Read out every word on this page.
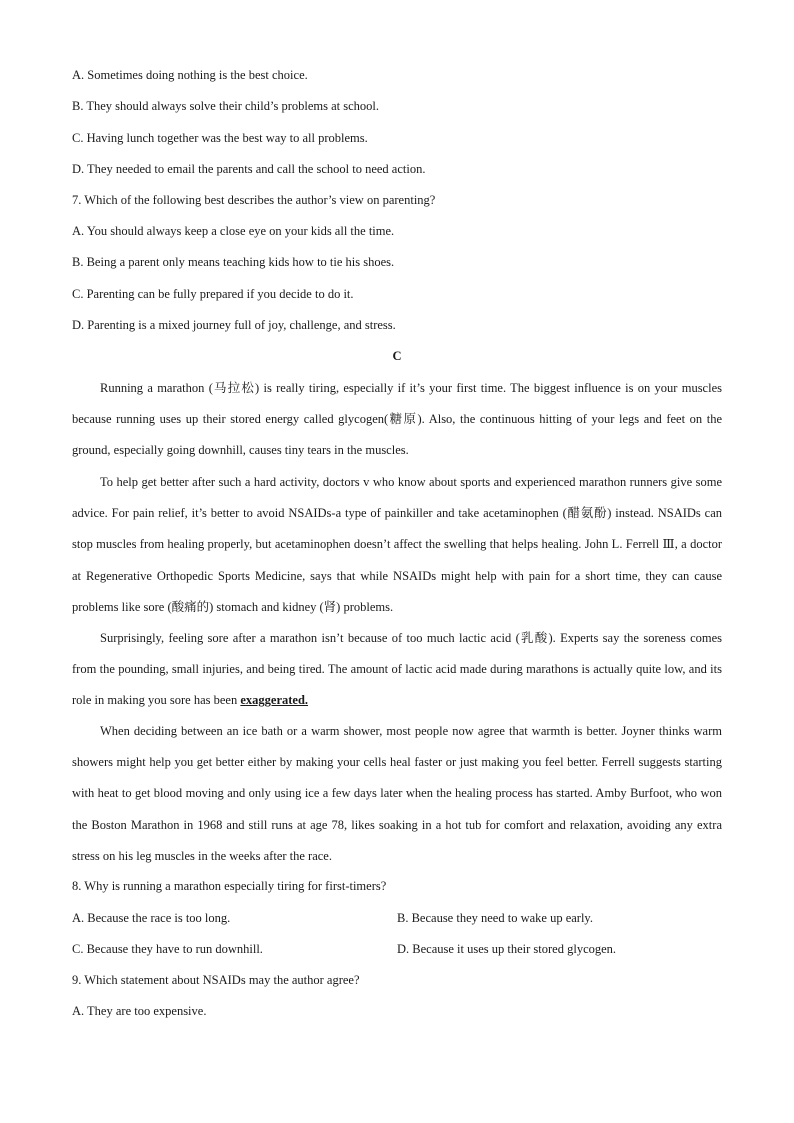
A. Sometimes doing nothing is the best choice.
B. They should always solve their child’s problems at school.
C. Having lunch together was the best way to all problems.
D. They needed to email the parents and call the school to need action.
7. Which of the following best describes the author’s view on parenting?
A. You should always keep a close eye on your kids all the time.
B. Being a parent only means teaching kids how to tie his shoes.
C. Parenting can be fully prepared if you decide to do it.
D. Parenting is a mixed journey full of joy, challenge, and stress.
C
Running a marathon (马拉松) is really tiring, especially if it’s your first time. The biggest influence is on your muscles because running uses up their stored energy called glycogen(糖原). Also, the continuous hitting of your legs and feet on the ground, especially going downhill, causes tiny tears in the muscles.
To help get better after such a hard activity, doctors v who know about sports and experienced marathon runners give some advice. For pain relief, it’s better to avoid NSAIDs-a type of painkiller and take acetaminophen (醋氨酚) instead. NSAIDs can stop muscles from healing properly, but acetaminophen doesn’t affect the swelling that helps healing. John L. Ferrell Ⅲ, a doctor at Regenerative Orthopedic Sports Medicine, says that while NSAIDs might help with pain for a short time, they can cause problems like sore (酸痛的) stomach and kidney (肾) problems.
Surprisingly, feeling sore after a marathon isn’t because of too much lactic acid (乳酸). Experts say the soreness comes from the pounding, small injuries, and being tired. The amount of lactic acid made during marathons is actually quite low, and its role in making you sore has been exaggerated.
When deciding between an ice bath or a warm shower, most people now agree that warmth is better. Joyner thinks warm showers might help you get better either by making your cells heal faster or just making you feel better. Ferrell suggests starting with heat to get blood moving and only using ice a few days later when the healing process has started. Amby Burfoot, who won the Boston Marathon in 1968 and still runs at age 78, likes soaking in a hot tub for comfort and relaxation, avoiding any extra stress on his leg muscles in the weeks after the race.
8. Why is running a marathon especially tiring for first-timers?
A. Because the race is too long.	B. Because they need to wake up early.
C. Because they have to run downhill.	D. Because it uses up their stored glycogen.
9. Which statement about NSAIDs may the author agree?
A. They are too expensive.
